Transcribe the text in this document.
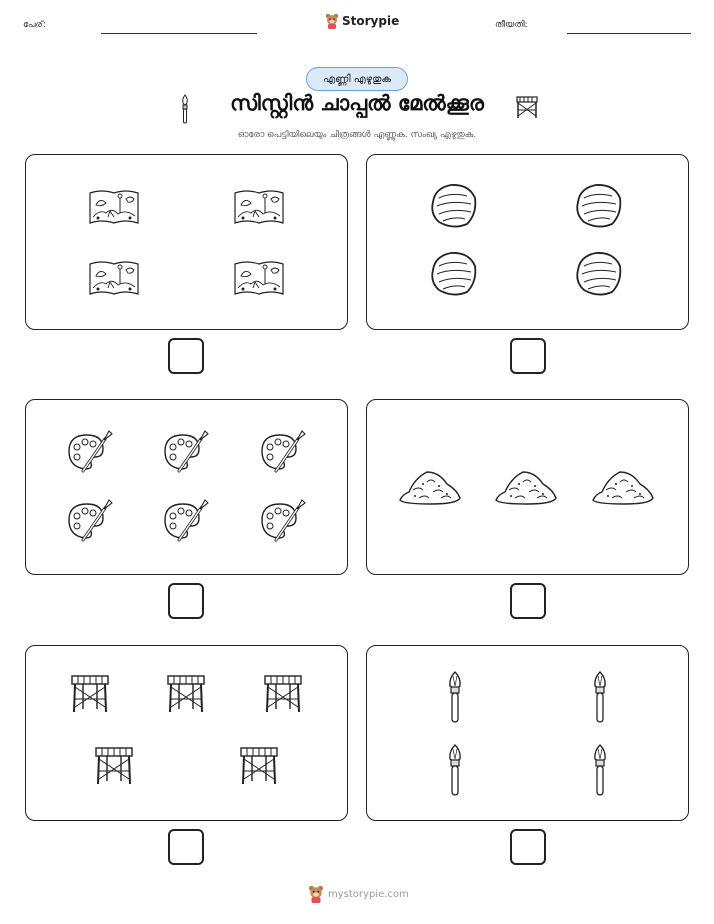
പേര്:	Storypie	തീയതി:
എണ്ണി എഴുതുക
സിസ്റ്റിൻ ചാപ്പൽ മേൽക്കൂര
ഓരോ പെട്ടിയിലെയും ചിത്രങ്ങൾ എണ്ണുക. സംഖ്യ എഴുതുക.
mystorypie.com
